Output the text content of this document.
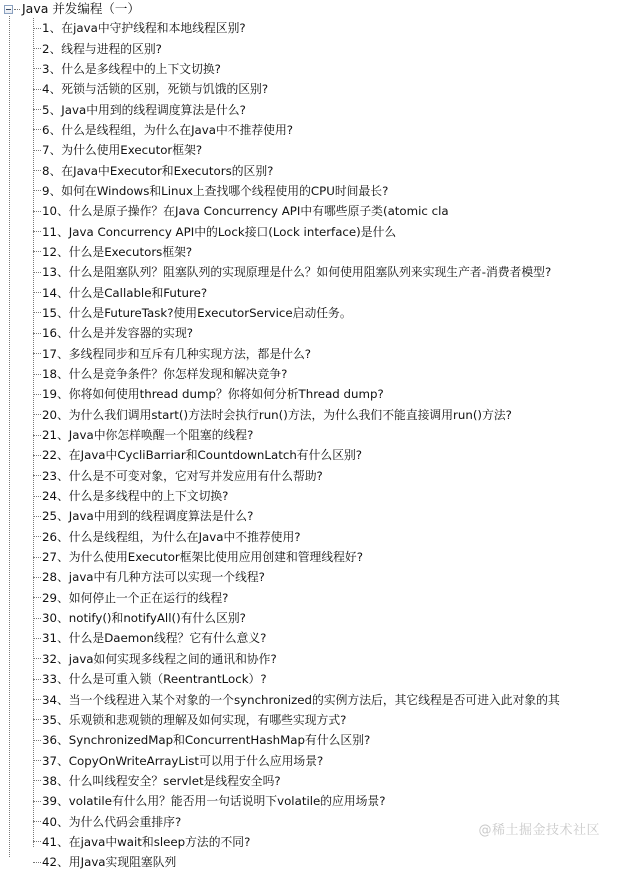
Java 并发编程（一）
1、在java中守护线程和本地线程区别?
2、线程与进程的区别?
3、什么是多线程中的上下文切换?
4、死锁与活锁的区别，死锁与饥饿的区别?
5、Java中用到的线程调度算法是什么?
6、什么是线程组，为什么在Java中不推荐使用?
7、为什么使用Executor框架?
8、在Java中Executor和Executors的区别?
9、如何在Windows和Linux上查找哪个线程使用的CPU时间最长?
10、什么是原子操作？在Java Concurrency API中有哪些原子类(atomic cla
11、Java Concurrency API中的Lock接口(Lock interface)是什么
12、什么是Executors框架?
13、什么是阻塞队列？阻塞队列的实现原理是什么？如何使用阻塞队列来实现生产者-消费者模型?
14、什么是Callable和Future?
15、什么是FutureTask?使用ExecutorService启动任务。
16、什么是并发容器的实现?
17、多线程同步和互斥有几种实现方法，都是什么?
18、什么是竞争条件？你怎样发现和解决竞争?
19、你将如何使用thread dump？你将如何分析Thread dump?
20、为什么我们调用start()方法时会执行run()方法，为什么我们不能直接调用run()方法?
21、Java中你怎样唤醒一个阻塞的线程?
22、在Java中CycliBarriar和CountdownLatch有什么区别?
23、什么是不可变对象，它对写并发应用有什么帮助?
24、什么是多线程中的上下文切换?
25、Java中用到的线程调度算法是什么?
26、什么是线程组，为什么在Java中不推荐使用?
27、为什么使用Executor框架比使用应用创建和管理线程好?
28、java中有几种方法可以实现一个线程?
29、如何停止一个正在运行的线程?
30、notify()和notifyAll()有什么区别?
31、什么是Daemon线程？它有什么意义?
32、java如何实现多线程之间的通讯和协作?
33、什么是可重入锁（ReentrantLock）?
34、当一个线程进入某个对象的一个synchronized的实例方法后，其它线程是否可进入此对象的其
35、乐观锁和悲观锁的理解及如何实现，有哪些实现方式?
36、SynchronizedMap和ConcurrentHashMap有什么区别?
37、CopyOnWriteArrayList可以用于什么应用场景?
38、什么叫线程安全？servlet是线程安全吗?
39、volatile有什么用？能否用一句话说明下volatile的应用场景?
40、为什么代码会重排序?
41、在java中wait和sleep方法的不同?
42、用Java实现阻塞队列
@稀土掘金技术社区
